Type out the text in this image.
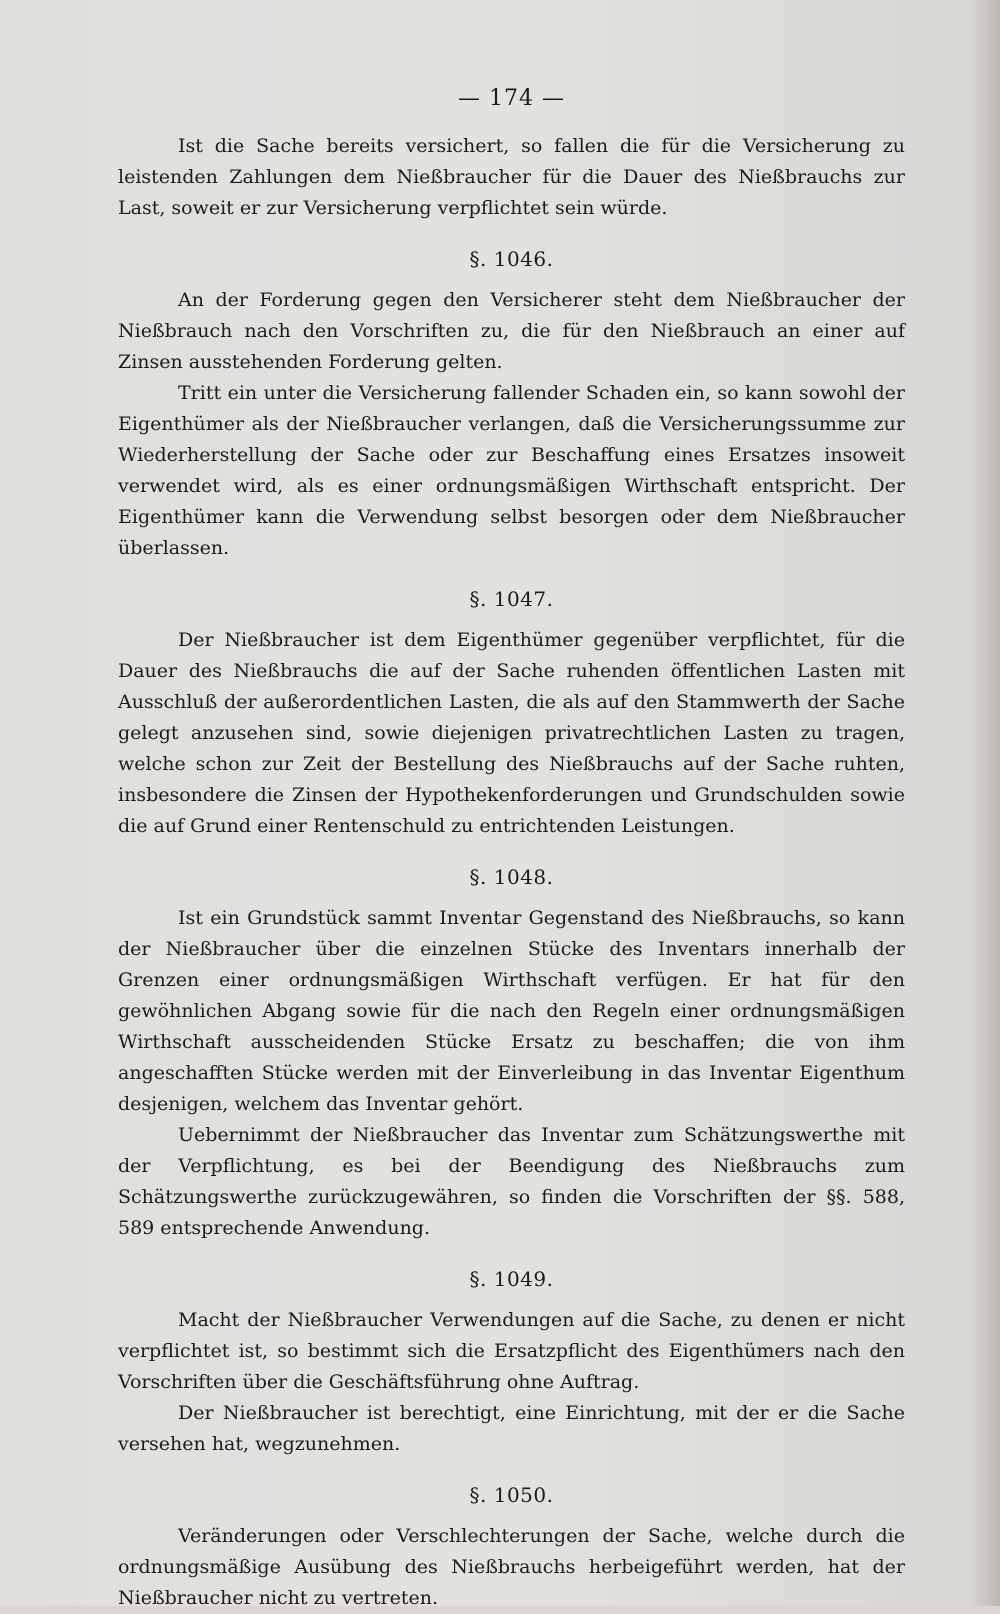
— 174 —

Ist die Sache bereits versichert, so fallen die für die Versicherung zu leistenden Zahlungen dem Nießbraucher für die Dauer des Nießbrauchs zur Last, soweit er zur Versicherung verpflichtet sein würde.

§. 1046.

An der Forderung gegen den Versicherer steht dem Nießbraucher der Nießbrauch nach den Vorschriften zu, die für den Nießbrauch an einer auf Zinsen ausstehenden Forderung gelten.

Tritt ein unter die Versicherung fallender Schaden ein, so kann sowohl der Eigenthümer als der Nießbraucher verlangen, daß die Versicherungssumme zur Wiederherstellung der Sache oder zur Beschaffung eines Ersatzes insoweit verwendet wird, als es einer ordnungsmäßigen Wirthschaft entspricht. Der Eigenthümer kann die Verwendung selbst besorgen oder dem Nießbraucher überlassen.

§. 1047.

Der Nießbraucher ist dem Eigenthümer gegenüber verpflichtet, für die Dauer des Nießbrauchs die auf der Sache ruhenden öffentlichen Lasten mit Ausschluß der außerordentlichen Lasten, die als auf den Stammwerth der Sache gelegt anzusehen sind, sowie diejenigen privatrechtlichen Lasten zu tragen, welche schon zur Zeit der Bestellung des Nießbrauchs auf der Sache ruhten, insbesondere die Zinsen der Hypothekenforderungen und Grundschulden sowie die auf Grund einer Rentenschuld zu entrichtenden Leistungen.

§. 1048.

Ist ein Grundstück sammt Inventar Gegenstand des Nießbrauchs, so kann der Nießbraucher über die einzelnen Stücke des Inventars innerhalb der Grenzen einer ordnungsmäßigen Wirthschaft verfügen. Er hat für den gewöhnlichen Abgang sowie für die nach den Regeln einer ordnungsmäßigen Wirthschaft ausscheidenden Stücke Ersatz zu beschaffen; die von ihm angeschafften Stücke werden mit der Einverleibung in das Inventar Eigenthum desjenigen, welchem das Inventar gehört.

Uebernimmt der Nießbraucher das Inventar zum Schätzungswerthe mit der Verpflichtung, es bei der Beendigung des Nießbrauchs zum Schätzungswerthe zurückzugewähren, so finden die Vorschriften der §§. 588, 589 entsprechende Anwendung.

§. 1049.

Macht der Nießbraucher Verwendungen auf die Sache, zu denen er nicht verpflichtet ist, so bestimmt sich die Ersatzpflicht des Eigenthümers nach den Vorschriften über die Geschäftsführung ohne Auftrag.

Der Nießbraucher ist berechtigt, eine Einrichtung, mit der er die Sache versehen hat, wegzunehmen.

§. 1050.

Veränderungen oder Verschlechterungen der Sache, welche durch die ordnungsmäßige Ausübung des Nießbrauchs herbeigeführt werden, hat der Nießbraucher nicht zu vertreten.
